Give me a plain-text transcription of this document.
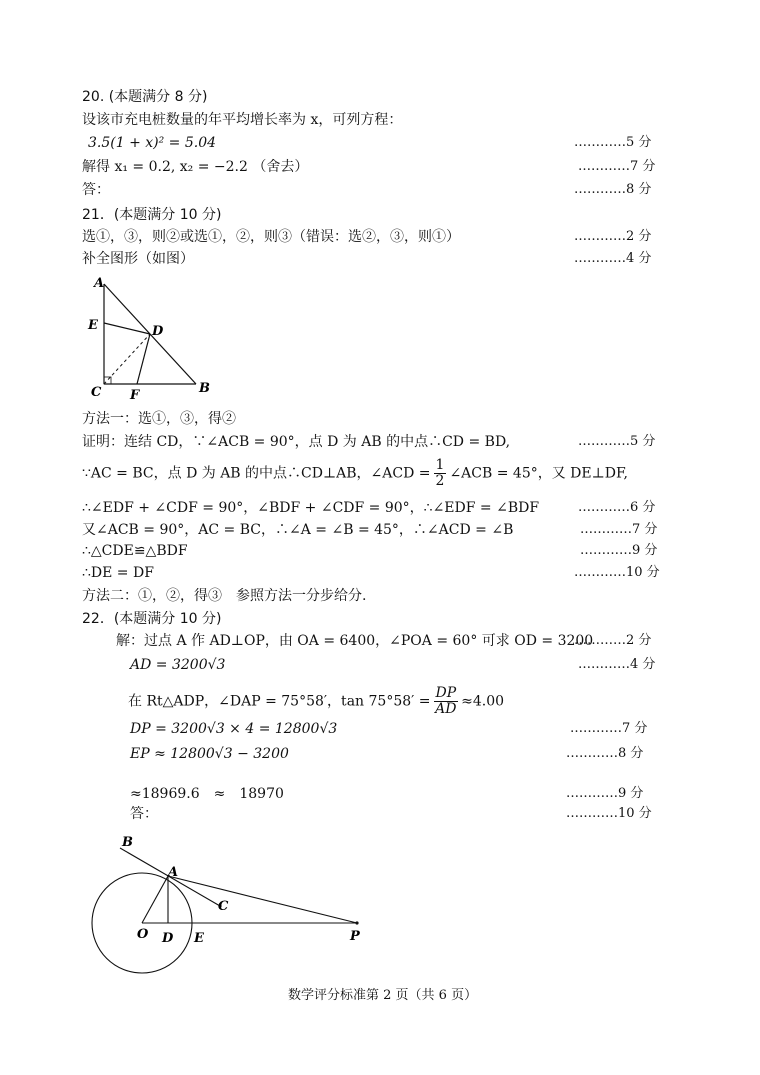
20. (本题满分 8 分)
设该市充电桩数量的年平均增长率为 x，可列方程：
3.5(1 + x)² = 5.04	…………5 分
解得 x₁ = 0.2, x₂ = −2.2 （舍去）	…………7 分
答：	…………8 分
21．(本题满分 10 分)
选①，③，则②或选①，②，则③（错误：选②，③，则①）	…………2 分
补全图形（如图）	…………4 分
A
E	D
C F	B
方法一：选①，③，得②
证明：连结 CD，∵∠ACB = 90°，点 D 为 AB 的中点∴CD = BD,	…………5 分
∵AC = BC，点 D 为 AB 的中点∴CD⊥AB，∠ACD = $\frac{1}{2}$ ∠ACB = 45°，又 DE⊥DF,
∴∠EDF + ∠CDF = 90°，∠BDF + ∠CDF = 90°，∴∠EDF = ∠BDF	…………6 分
又∠ACB = 90°，AC = BC，∴∠A = ∠B = 45°，∴∠ACD = ∠B	…………7 分
∴△CDE≌△BDF	…………9 分
∴DE = DF	…………10 分
方法二：①，②，得③　参照方法一分步给分.
22．(本题满分 10 分)
解：过点 A 作 AD⊥OP，由 OA = 6400，∠POA = 60° 可求 OD = 3200
…………2 分
AD = 3200√3	…………4 分
在 Rt△ADP，∠DAP = 75°58′，$\tan 75^\circ 58' = \frac{DP}{AD} \approx 4.00$
DP = 3200√3 × 4 = 12800√3	…………7 分
EP ≈ 12800√3 − 3200	…………8 分
≈18969.6　≈　18970	…………9 分
答：	…………10 分
B
A
C
O D E	P
数学评分标准第 2 页（共 6 页）
